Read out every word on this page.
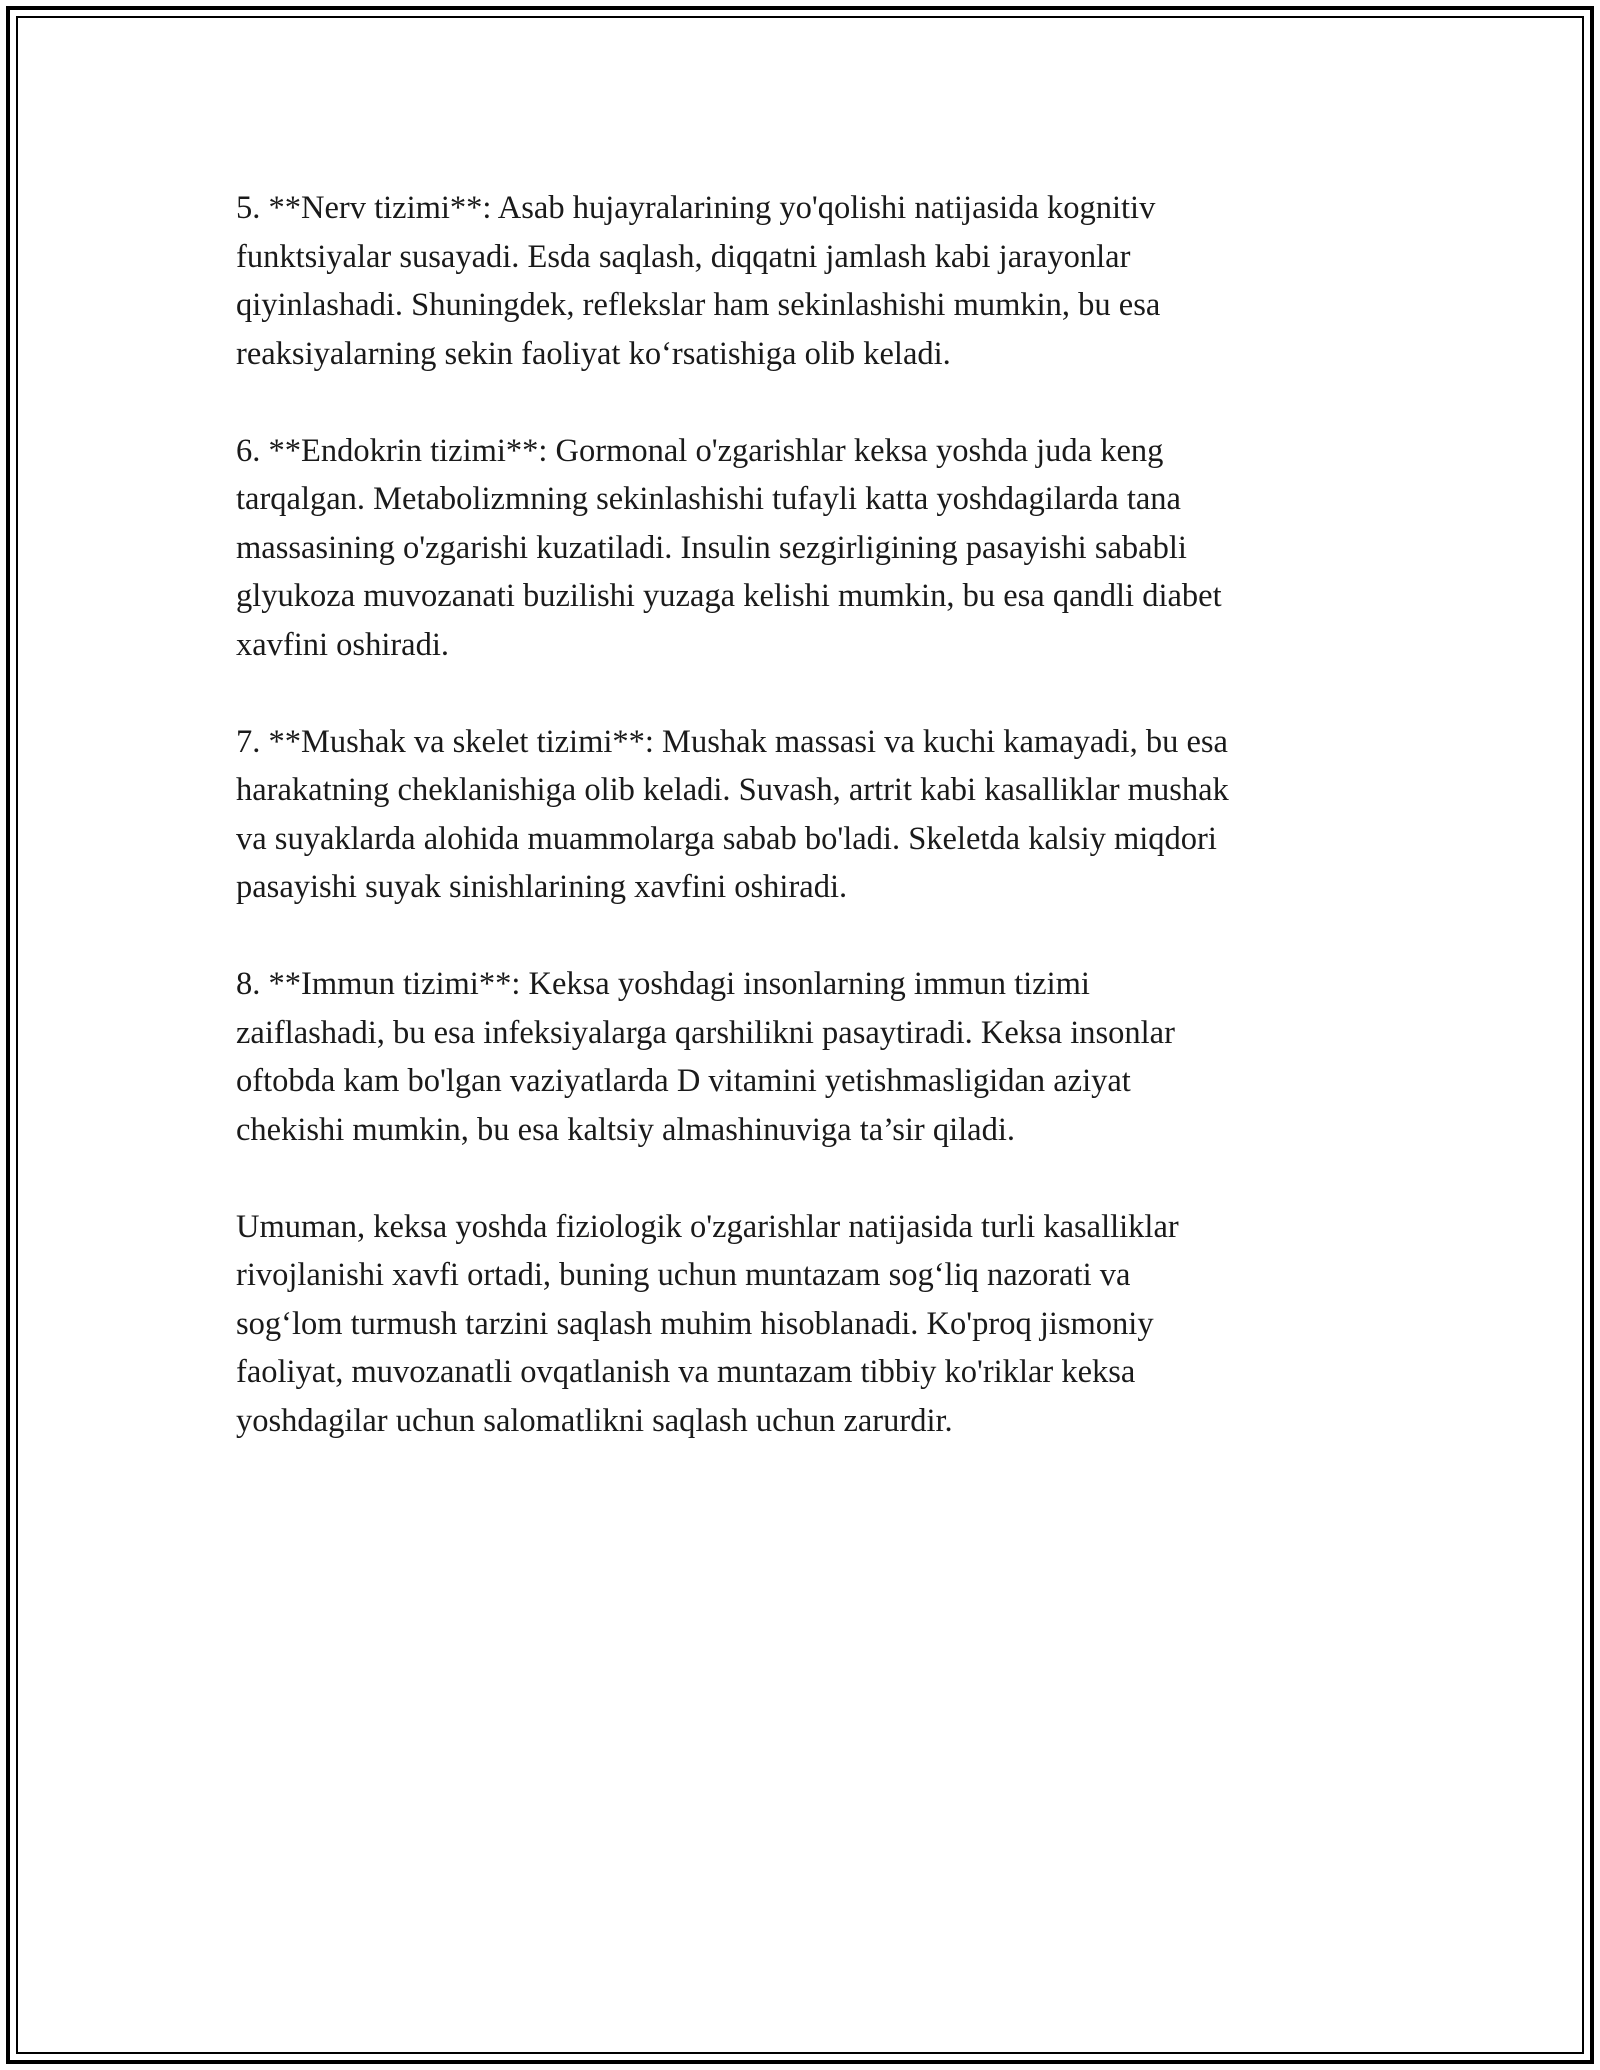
5. **Nerv tizimi**: Asab hujayralarining yo'qolishi natijasida kognitiv
funktsiyalar susayadi. Esda saqlash, diqqatni jamlash kabi jarayonlar
qiyinlashadi. Shuningdek, reflekslar ham sekinlashishi mumkin, bu esa
reaksiyalarning sekin faoliyat ko‘rsatishiga olib keladi.
6. **Endokrin tizimi**: Gormonal o'zgarishlar keksa yoshda juda keng
tarqalgan. Metabolizmning sekinlashishi tufayli katta yoshdagilarda tana
massasining o'zgarishi kuzatiladi. Insulin sezgirligining pasayishi sababli
glyukoza muvozanati buzilishi yuzaga kelishi mumkin, bu esa qandli diabet
xavfini oshiradi.
7. **Mushak va skelet tizimi**: Mushak massasi va kuchi kamayadi, bu esa
harakatning cheklanishiga olib keladi. Suvash, artrit kabi kasalliklar mushak
va suyaklarda alohida muammolarga sabab bo'ladi. Skeletda kalsiy miqdori
pasayishi suyak sinishlarining xavfini oshiradi.
8. **Immun tizimi**: Keksa yoshdagi insonlarning immun tizimi
zaiflashadi, bu esa infeksiyalarga qarshilikni pasaytiradi. Keksa insonlar
oftobda kam bo'lgan vaziyatlarda D vitamini yetishmasligidan aziyat
chekishi mumkin, bu esa kaltsiy almashinuviga ta’sir qiladi.
Umuman, keksa yoshda fiziologik o'zgarishlar natijasida turli kasalliklar
rivojlanishi xavfi ortadi, buning uchun muntazam sog‘liq nazorati va
sog‘lom turmush tarzini saqlash muhim hisoblanadi. Ko'proq jismoniy
faoliyat, muvozanatli ovqatlanish va muntazam tibbiy ko'riklar keksa
yoshdagilar uchun salomatlikni saqlash uchun zarurdir.
